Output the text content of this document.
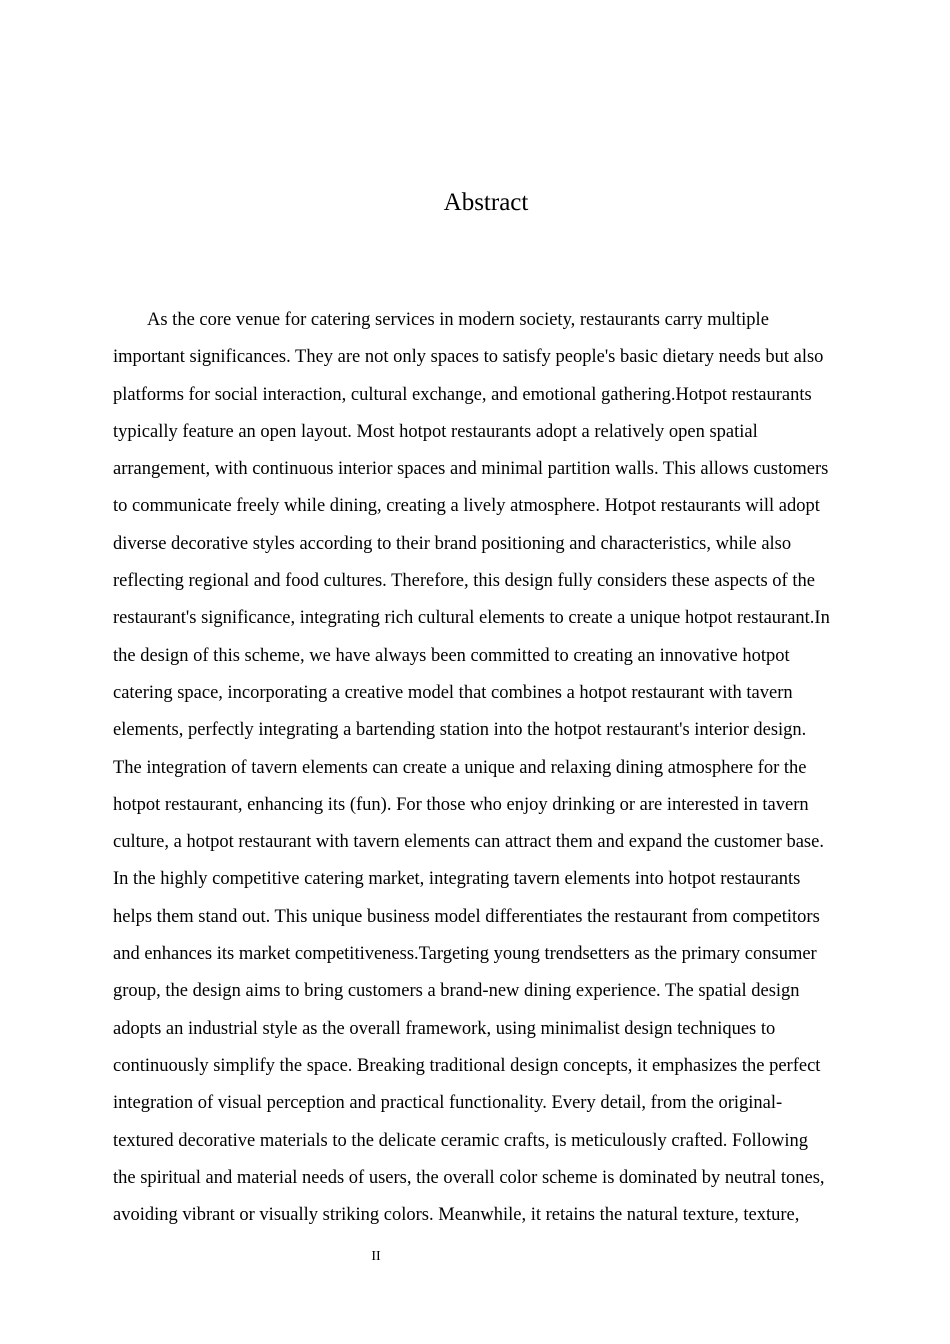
Abstract
As the core venue for catering services in modern society, restaurants carry multiple
important significances. They are not only spaces to satisfy people's basic dietary needs but also
platforms for social interaction, cultural exchange, and emotional gathering.Hotpot restaurants
typically feature an open layout. Most hotpot restaurants adopt a relatively open spatial
arrangement, with continuous interior spaces and minimal partition walls. This allows customers
to communicate freely while dining, creating a lively atmosphere. Hotpot restaurants will adopt
diverse decorative styles according to their brand positioning and characteristics, while also
reflecting regional and food cultures. Therefore, this design fully considers these aspects of the
restaurant's significance, integrating rich cultural elements to create a unique hotpot restaurant.In
the design of this scheme, we have always been committed to creating an innovative hotpot
catering space, incorporating a creative model that combines a hotpot restaurant with tavern
elements, perfectly integrating a bartending station into the hotpot restaurant's interior design.
The integration of tavern elements can create a unique and relaxing dining atmosphere for the
hotpot restaurant, enhancing its (fun). For those who enjoy drinking or are interested in tavern
culture, a hotpot restaurant with tavern elements can attract them and expand the customer base.
In the highly competitive catering market, integrating tavern elements into hotpot restaurants
helps them stand out. This unique business model differentiates the restaurant from competitors
and enhances its market competitiveness.Targeting young trendsetters as the primary consumer
group, the design aims to bring customers a brand-new dining experience. The spatial design
adopts an industrial style as the overall framework, using minimalist design techniques to
continuously simplify the space. Breaking traditional design concepts, it emphasizes the perfect
integration of visual perception and practical functionality. Every detail, from the original-
textured decorative materials to the delicate ceramic crafts, is meticulously crafted. Following
the spiritual and material needs of users, the overall color scheme is dominated by neutral tones,
avoiding vibrant or visually striking colors. Meanwhile, it retains the natural texture, texture,
II
